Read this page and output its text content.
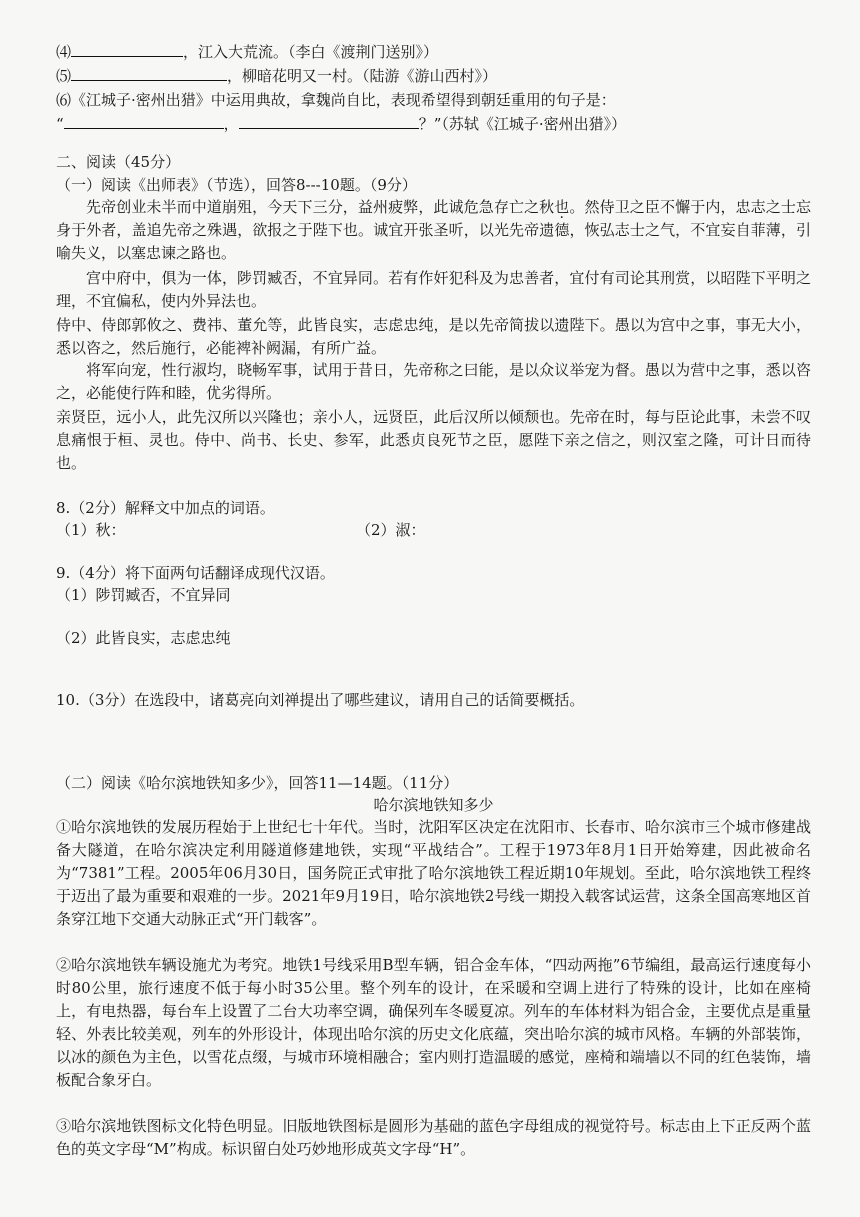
⑷	，江入大荒流。（李白《渡荆门送别》）
⑸	，柳暗花明又一村。（陆游《游山西村》）
⑹《江城子·密州出猎》中运用典故，拿魏尚自比，表现希望得到朝廷重用的句子是：
“	，	？”（苏轼《江城子·密州出猎》）
二、阅读（45分）
（一）阅读《出师表》（节选），回答8---10题。（9分）
先帝创业未半而中道崩殂，今天下三分，益州疲弊，此诚危急存亡之秋也。然侍卫之臣不懈于内，忠志之士忘身于外者，盖追先帝之殊遇，欲报之于陛下也。诚宜开张圣听，以光先帝遗德，恢弘志士之气，不宜妄自菲薄，引喻失义，以塞忠谏之路也。
宫中府中，俱为一体，陟罚臧否，不宜异同。若有作奸犯科及为忠善者，宜付有司论其刑赏，以昭陛下平明之理，不宜偏私，使内外异法也。
侍中、侍郎郭攸之、费祎、董允等，此皆良实，志虑忠纯，是以先帝简拔以遗陛下。愚以为宫中之事，事无大小，悉以咨之，然后施行，必能裨补阙漏，有所广益。
将军向宠，性行淑均，晓畅军事，试用于昔日，先帝称之曰能，是以众议举宠为督。愚以为营中之事，悉以咨之，必能使行阵和睦，优劣得所。
亲贤臣，远小人，此先汉所以兴隆也；亲小人，远贤臣，此后汉所以倾颓也。先帝在时，每与臣论此事，未尝不叹息痛恨于桓、灵也。侍中、尚书、长史、参军，此悉贞良死节之臣，愿陛下亲之信之，则汉室之隆，可计日而待也。
8.（2分）解释文中加点的词语。
（1）秋：	（2）淑：
9.（4分）将下面两句话翻译成现代汉语。
（1）陟罚臧否，不宜异同
（2）此皆良实，志虑忠纯
10.（3分）在选段中，诸葛亮向刘禅提出了哪些建议，请用自己的话简要概括。
（二）阅读《哈尔滨地铁知多少》，回答11—14题。（11分）
哈尔滨地铁知多少
①哈尔滨地铁的发展历程始于上世纪七十年代。当时，沈阳军区决定在沈阳市、长春市、哈尔滨市三个城市修建战备大隧道，在哈尔滨决定利用隧道修建地铁，实现“平战结合”。工程于1973年8月1日开始筹建，因此被命名为“7381”工程。2005年06月30日，国务院正式审批了哈尔滨地铁工程近期10年规划。至此，哈尔滨地铁工程终于迈出了最为重要和艰难的一步。2021年9月19日，哈尔滨地铁2号线一期投入载客试运营，这条全国高寒地区首条穿江地下交通大动脉正式“开门载客”。
②哈尔滨地铁车辆设施尤为考究。地铁1号线采用B型车辆，铝合金车体，“四动两拖”6节编组，最高运行速度每小时80公里，旅行速度不低于每小时35公里。整个列车的设计，在采暖和空调上进行了特殊的设计，比如在座椅上，有电热器，每台车上设置了二台大功率空调，确保列车冬暖夏凉。列车的车体材料为铝合金，主要优点是重量轻、外表比较美观，列车的外形设计，体现出哈尔滨的历史文化底蕴，突出哈尔滨的城市风格。车辆的外部装饰，以冰的颜色为主色，以雪花点缀，与城市环境相融合；室内则打造温暖的感觉，座椅和端墙以不同的红色装饰，墙板配合象牙白。
③哈尔滨地铁图标文化特色明显。旧版地铁图标是圆形为基础的蓝色字母组成的视觉符号。标志由上下正反两个蓝色的英文字母“M”构成。标识留白处巧妙地形成英文字母“H”。
